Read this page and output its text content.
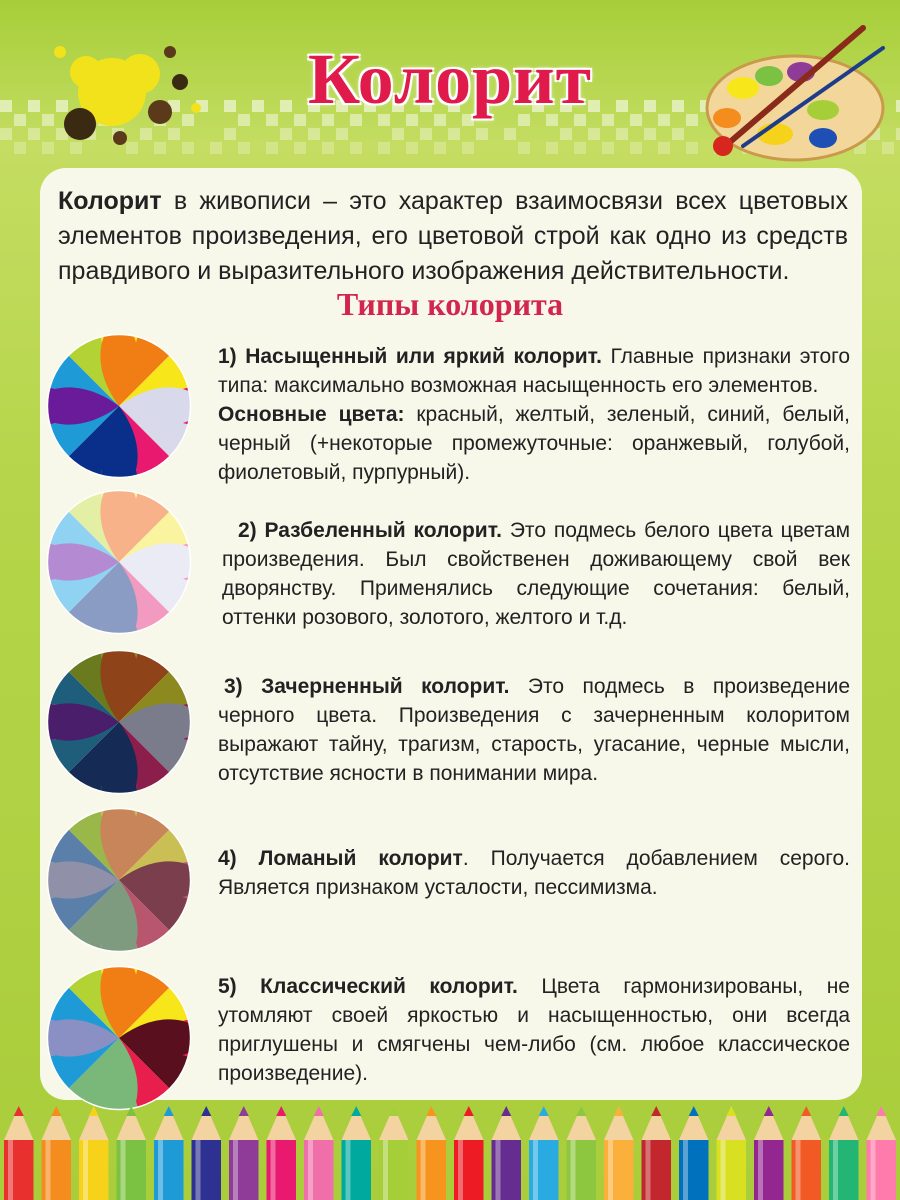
Колорит
Колорит в живописи – это характер взаимосвязи всех цветовых элементов произведения, его цветовой строй как одно из средств правдивого и выразительного изображения действительности.
Типы колорита
1) Насыщенный или яркий колорит. Главные признаки этого типа: максимально возможная насыщенность его элементов.
Основные цвета: красный, желтый, зеленый, синий, белый, черный (+некоторые промежуточные: оранжевый, голубой, фиолетовый, пурпурный).
2) Разбеленный колорит. Это подмесь белого цвета цветам произведения. Был свойственен доживающему свой век дворянству. Применялись следующие сочетания: белый, оттенки розового, золотого, желтого и т.д.
3) Зачерненный колорит. Это подмесь в произведение черного цвета. Произведения с зачерненным колоритом выражают тайну, трагизм, старость, угасание, черные мысли, отсутствие ясности в понимании мира.
4) Ломаный колорит. Получается добавлением серого. Является признаком усталости, пессимизма.
5) Классический колорит. Цвета гармонизированы, не утомляют своей яркостью и насыщенностью, они всегда приглушены и смягчены чем-либо (см. любое классическое произведение).
